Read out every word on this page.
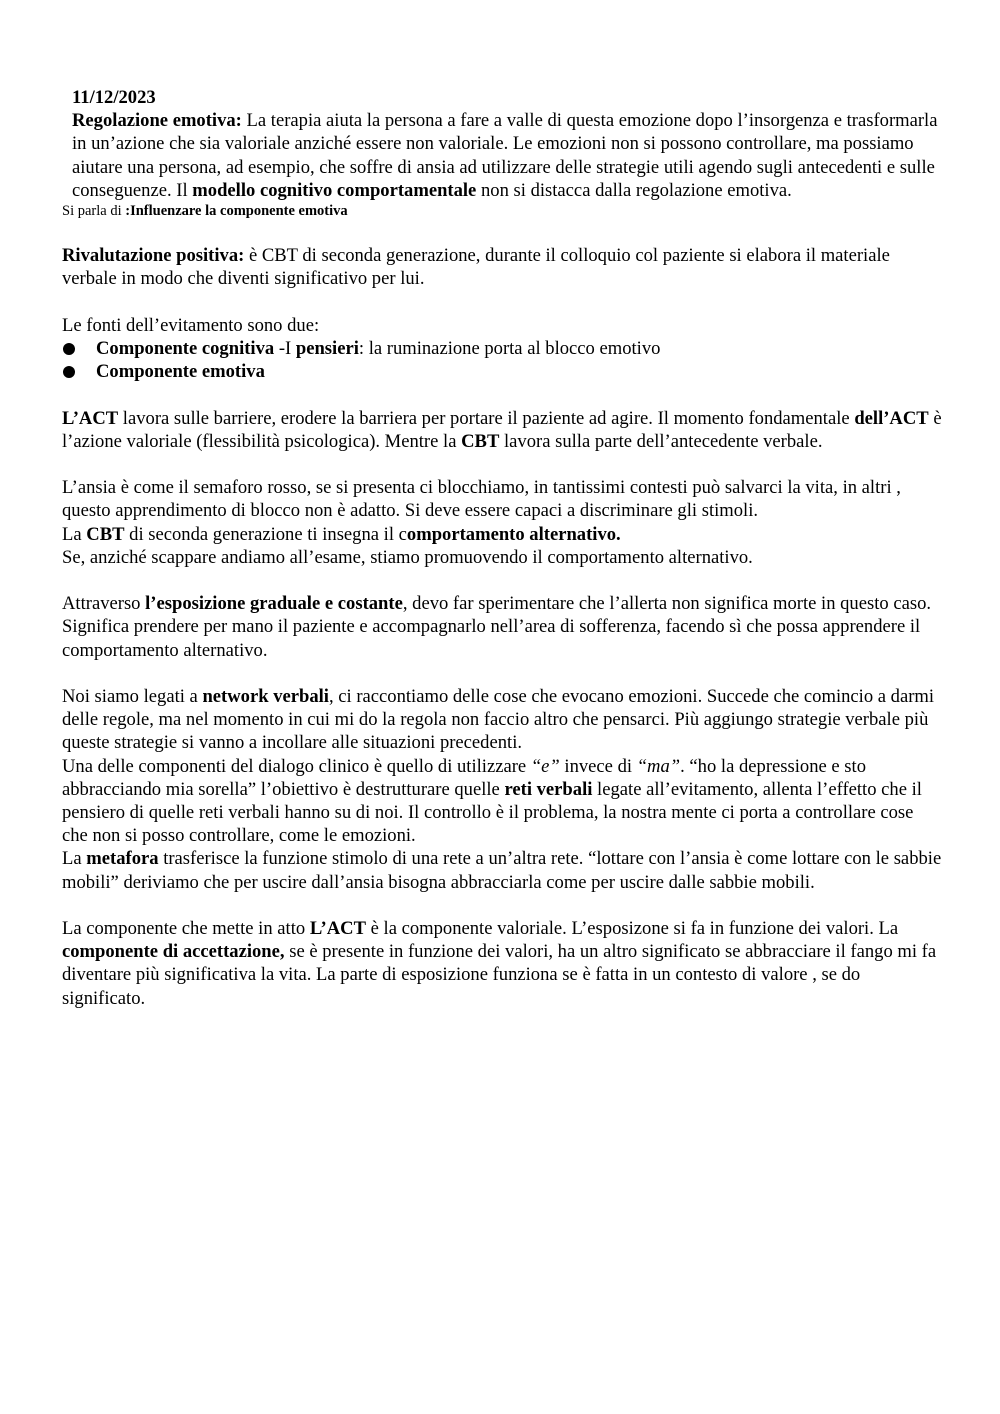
11/12/2023

Regolazione emotiva: La terapia aiuta la persona a fare a valle di questa emozione dopo l’insorgenza e trasformarla in un’azione che sia valoriale anziché essere non valoriale. Le emozioni non si possono controllare, ma possiamo aiutare una persona, ad esempio, che soffre di ansia ad utilizzare delle strategie utili agendo sugli antecedenti e sulle conseguenze. Il modello cognitivo comportamentale non si distacca dalla regolazione emotiva.

Si parla di :Influenzare la componente emotiva

Rivalutazione positiva: è CBT di seconda generazione, durante il colloquio col paziente si elabora il materiale verbale in modo che diventi significativo per lui.

Le fonti dell’evitamento sono due:

Componente cognitiva -I pensieri: la ruminazione porta al blocco emotivo
Componente emotiva

L’ACT lavora sulle barriere, erodere la barriera per portare il paziente ad agire. Il momento fondamentale dell’ACT è l’azione valoriale (flessibilità psicologica). Mentre la CBT lavora sulla parte dell’antecedente verbale.

L’ansia è come il semaforo rosso, se si presenta ci blocchiamo, in tantissimi contesti può salvarci la vita, in altri , questo apprendimento di blocco non è adatto. Si deve essere capaci a discriminare gli stimoli.

La CBT di seconda generazione ti insegna il comportamento alternativo.

Se, anziché scappare andiamo all’esame, stiamo promuovendo il comportamento alternativo.

Attraverso l’esposizione graduale e costante, devo far sperimentare che l’allerta non significa morte in questo caso. Significa prendere per mano il paziente e accompagnarlo nell’area di sofferenza, facendo sì che possa apprendere il comportamento alternativo.

Noi siamo legati a network verbali, ci raccontiamo delle cose che evocano emozioni. Succede che comincio a darmi delle regole, ma nel momento in cui mi do la regola non faccio altro che pensarci. Più aggiungo strategie verbale più queste strategie si vanno a incollare alle situazioni precedenti.

Una delle componenti del dialogo clinico è quello di utilizzare “e” invece di “ma”. “ho la depressione e sto abbracciando mia sorella” l’obiettivo è destrutturare quelle reti verbali legate all’evitamento, allenta l’effetto che il pensiero di quelle reti verbali hanno su di noi. Il controllo è il problema, la nostra mente ci porta a controllare cose che non si posso controllare, come le emozioni.

La metafora trasferisce la funzione stimolo di una rete a un’altra rete. “lottare con l’ansia è come lottare con le sabbie mobili” deriviamo che per uscire dall’ansia bisogna abbracciarla come per uscire dalle sabbie mobili.

La componente che mette in atto L’ACT è la componente valoriale. L’esposizone si fa in funzione dei valori. La componente di accettazione, se è presente in funzione dei valori, ha un altro significato se abbracciare il fango mi fa diventare più significativa la vita. La parte di esposizione funziona se è fatta in un contesto di valore , se do significato.
